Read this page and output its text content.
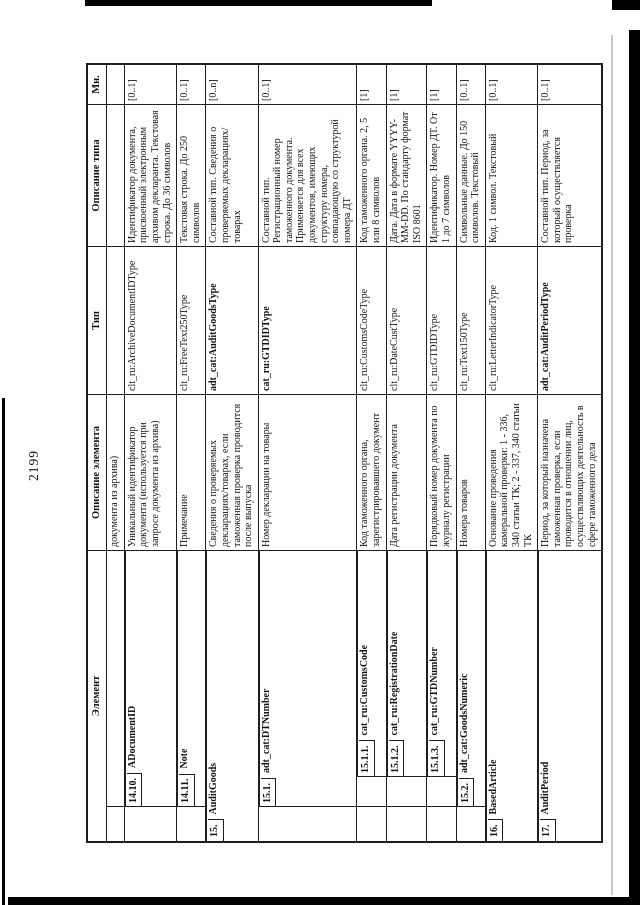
2199
Элемент	Описание элемента	Тип	Описание типа	Мн.

	документа из архива)			

14.10.ADocumentID	Уникальный идентификатор документа (используется при запросе документа из архива)	clt_ru:ArchiveDocumentIDType	Идентификатор документа, присвоенный электронным архивом декларанта. Текстовая строка. До 36 символов	[0..1]

14.11.Note	Примечание	clt_ru:FreeText250Type	Текстовая строка. До 250 символов	[0..1]

15.AuditGoods	Сведения о проверяемых декларациях/товарах, если таможенная проверка проводится после выпуска	adt_cat:AuditGoodsType	Составной тип. Сведения о проверяемых декларациях/товарах	[0..n]

15.1.adt_cat:DTNumber	Номер декларации на товары	cat_ru:GTDIDType	Составной тип. Регистрационный номер таможенного документа. Применяется для всех документов, имеющих структуру номера, совпадающую со структурой номера ДТ	[0..1]

15.1.1.cat_ru:CustomsCode	Код таможенного органа, зарегистрировавшего документ	clt_ru:CustomsCodeType	Код таможенного органа. 2, 5 или 8 символов	[1]

15.1.2.cat_ru:RegistrationDate	Дата регистрации документа	clt_ru:DateCustType	Дата. Дата в формате YYYY-MM-DD. По стандарту формат ISO 8601	[1]

15.1.3.cat_ru:GTDNumber	Порядковый номер документа по журналу регистрации	clt_ru:GTDIDType	Идентификатор. Номер ДТ. От 1 до 7 символов	[1]

15.2.adt_cat:GoodsNumeric	Номера товаров	clt_ru:Text150Type	Символьные данные. До 150 символов. Текстовый	[0..1]

16.BasedArticle	Основание проведения камеральной проверки: 1 - 336, 340 статьи ТК; 2 - 337, 340 статьи ТК	clt_ru:LetterIndicatorType	Код. 1 символ. Текстовый	[0..1]

17.AuditPeriod	Период, за который назначена таможенная проверка, если проводится в отношении лиц, осуществляющих деятельность в сфере таможенного дела	adt_cat:AuditPeriodType	Составной тип. Период, за который осуществляется проверка	[0..1]
